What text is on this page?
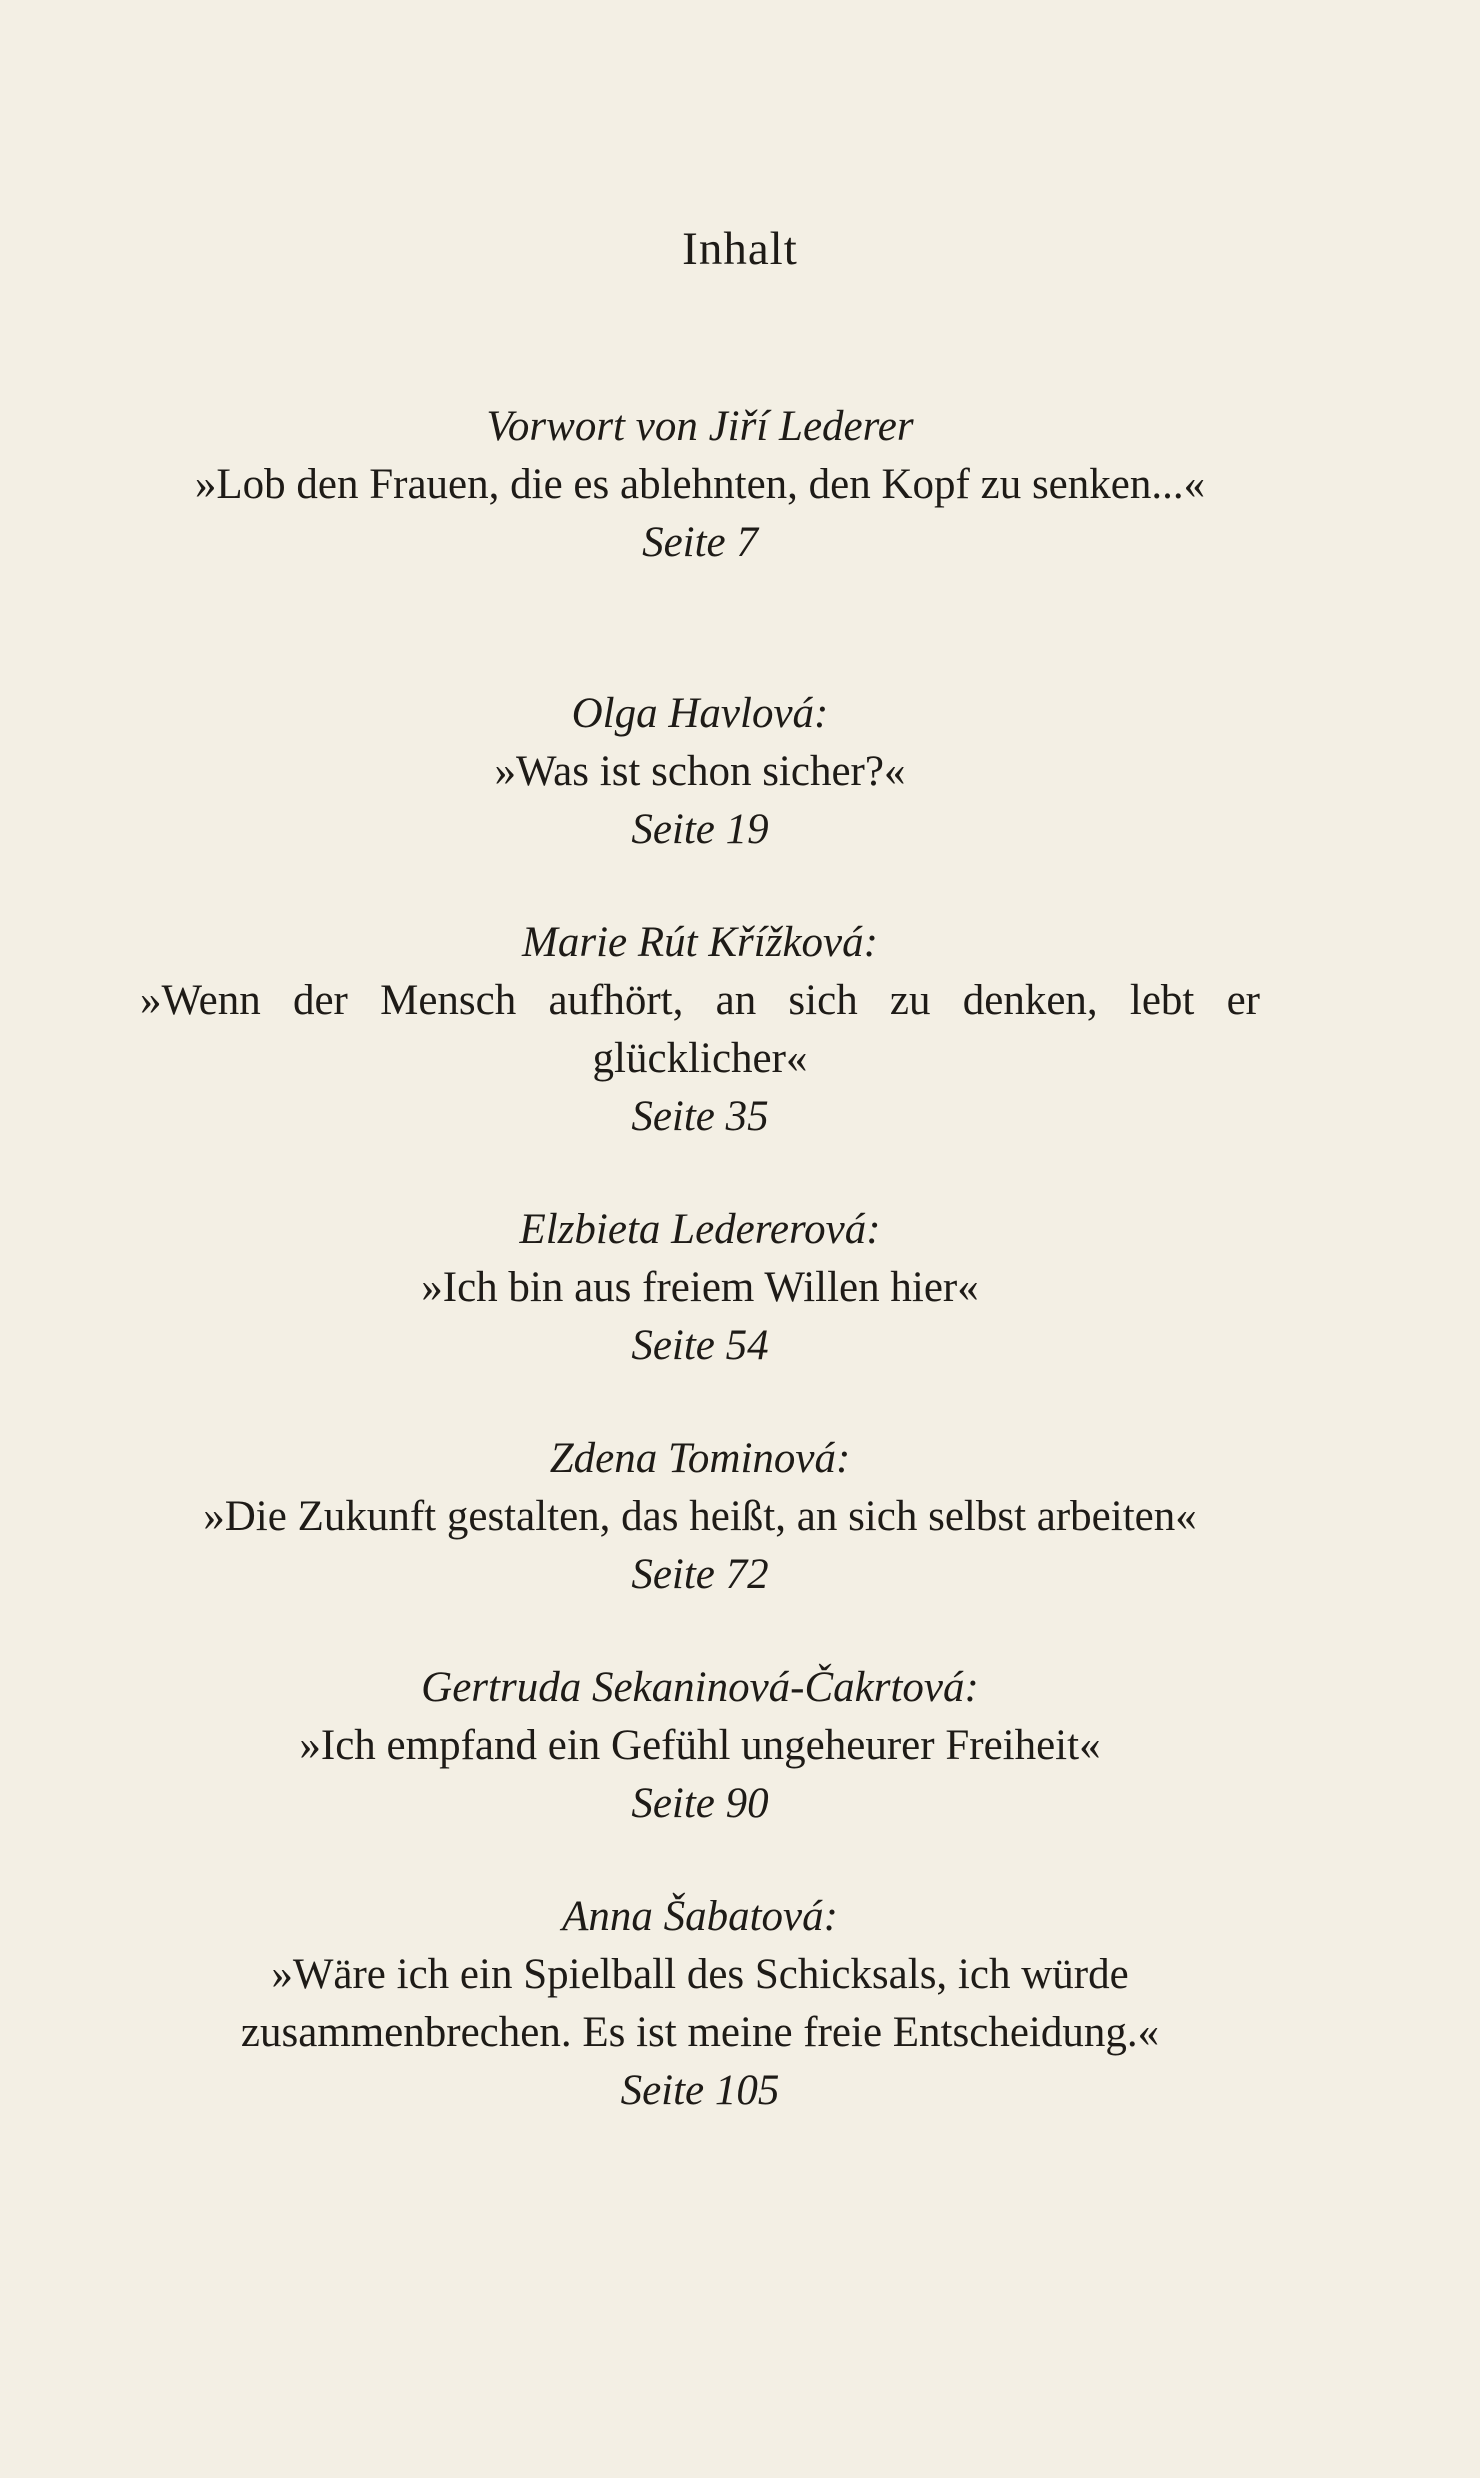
Inhalt
Vorwort von Jiří Lederer
»Lob den Frauen, die es ablehnten, den Kopf zu senken...«
Seite 7
Olga Havlová:
»Was ist schon sicher?«
Seite 19
Marie Rút Křížková:
»Wenn der Mensch aufhört, an sich zu denken, lebt er glücklicher«
Seite 35
Elzbieta Ledererová:
»Ich bin aus freiem Willen hier«
Seite 54
Zdena Tominová:
»Die Zukunft gestalten, das heißt, an sich selbst arbeiten«
Seite 72
Gertruda Sekaninová-Čakrtová:
»Ich empfand ein Gefühl ungeheurer Freiheit«
Seite 90
Anna Šabatová:
»Wäre ich ein Spielball des Schicksals, ich würde zusammenbrechen. Es ist meine freie Entscheidung.«
Seite 105
